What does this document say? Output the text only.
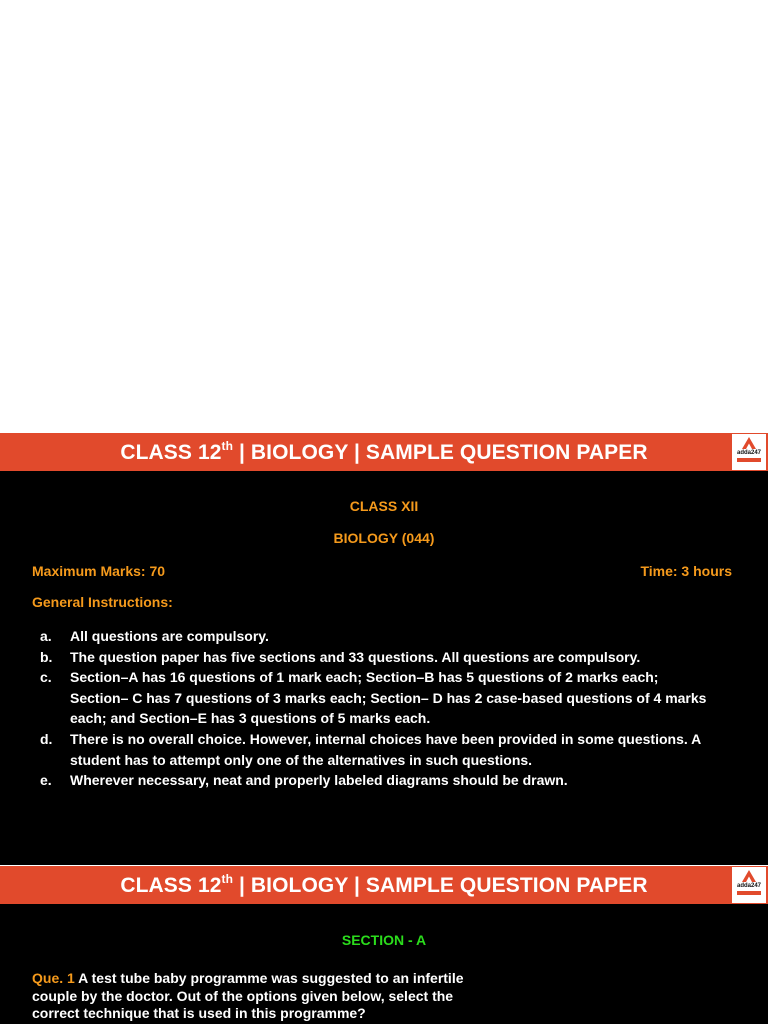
CLASS 12th | BIOLOGY | SAMPLE QUESTION PAPER	adda247
CLASS XII
BIOLOGY (044)
Maximum Marks: 70	Time: 3 hours
General Instructions:
a.	All questions are compulsory.
b.	The question paper has five sections and 33 questions. All questions are compulsory.
c.	Section–A has 16 questions of 1 mark each; Section–B has 5 questions of 2 marks each; Section– C has 7 questions of 3 marks each; Section– D has 2 case-based questions of 4 marks each; and Section–E has 3 questions of 5 marks each.
d.	There is no overall choice. However, internal choices have been provided in some questions. A student has to attempt only one of the alternatives in such questions.
e.	Wherever necessary, neat and properly labeled diagrams should be drawn.
CLASS 12th | BIOLOGY | SAMPLE QUESTION PAPER	adda247
SECTION - A
Que. 1 A test tube baby programme was suggested to an infertile couple by the doctor. Out of the options given below, select the correct technique that is used in this programme?
